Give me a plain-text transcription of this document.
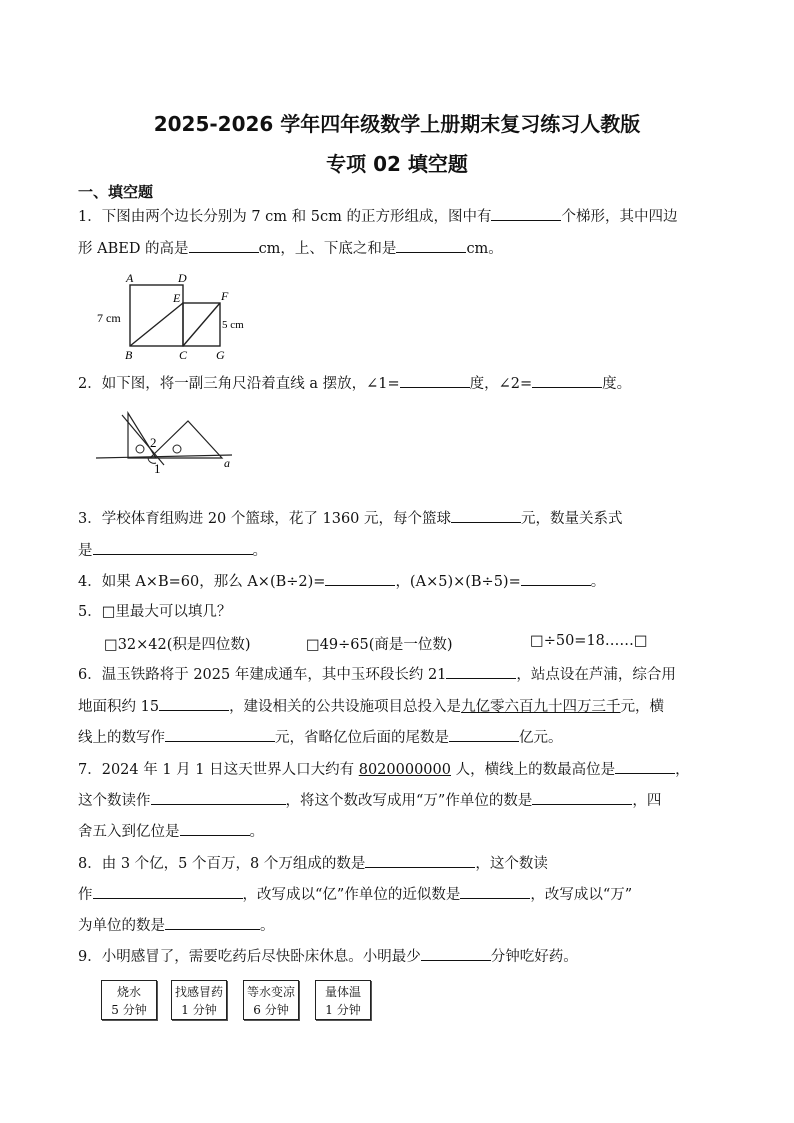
2025-2026 学年四年级数学上册期末复习练习人教版
专项 02 填空题
一、填空题
1．下图由两个边长分别为 7 cm 和 5cm 的正方形组成，图中有	个梯形，其中四边
形 ABED 的高是	cm，上、下底之和是	cm。
A	D
E	F
B	C G
7 cm	5 cm
2．如下图，将一副三角尺沿着直线 a 摆放，∠1=	度，∠2=	度。
2
1	a
3．学校体育组购进 20 个篮球，花了 1360 元，每个篮球	元，数量关系式
是	。
4．如果 A×B=60，那么 A×(B÷2)=	，(A×5)×(B÷5)=	。
5．□里最大可以填几？
□32×42(积是四位数)	□49÷65(商是一位数)	□÷50=18……□
6．温玉铁路将于 2025 年建成通车，其中玉环段长约 21	，站点设在芦浦，综合用
地面积约 15	，建设相关的公共设施项目总投入是九亿零六百九十四万三千元，横
线上的数写作	元，省略亿位后面的尾数是	亿元。
7．2024 年 1 月 1 日这天世界人口大约有 8020000000 人，横线上的数最高位是	，
这个数读作	，将这个数改写成用“万”作单位的数是	，四
舍五入到亿位是	。
8．由 3 个亿，5 个百万，8 个万组成的数是	，这个数读
作	，改写成以“亿”作单位的近似数是	，改写成以“万”
为单位的数是	。
9．小明感冒了，需要吃药后尽快卧床休息。小明最少	分钟吃好药。
烧水
5 分钟
找感冒药
1 分钟
等水变凉
6 分钟
量体温
1 分钟
